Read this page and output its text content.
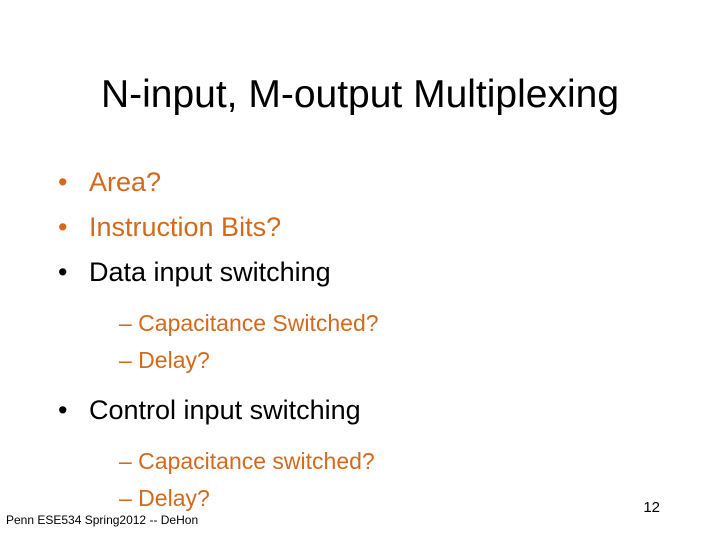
N-input, M-output Multiplexing
• Area?
• Instruction Bits?
• Data input switching
– Capacitance Switched?
– Delay?
• Control input switching
– Capacitance switched?
– Delay?
Penn ESE534 Spring2012 -- DeHon
12
